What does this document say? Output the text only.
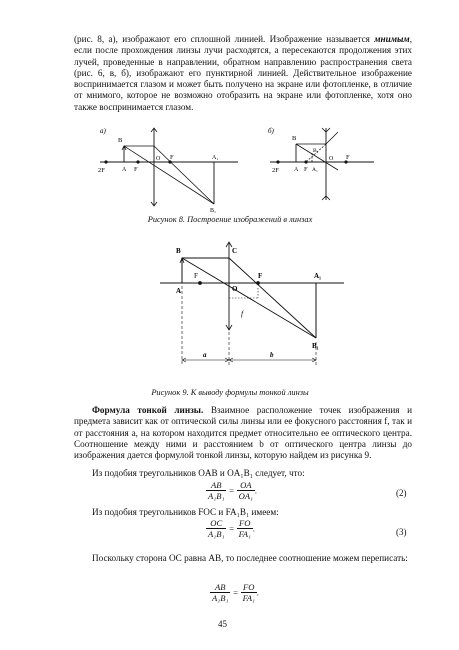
(рис. 8, а), изображают его сплошной линией. Изображение называется мнимым, если после прохождения линзы лучи расходятся, а пересекаются продолжения этих лучей, проведенные в направлении, обратном направлению распространения света (рис. 6, в, б), изображают его пунктирной линией. Действительное изображение воспринимается глазом и может быть получено на экране или фотопленке, в отличие от мнимого, которое не возможно отобразить на экране или фотопленке, хотя оно также воспринимается глазом.

а)
B
2F	A F
O F	A₁
B₁
б)
B
B₁
2F	A F A₁
O F
Рисунок 8. Построение изображений в линзах
B	C
F
O
F
A
A₁
B₁
f
a	b
Рисунок 9. К выводу формулы тонкой линзы

Формула тонкой линзы. Взаимное расположение точек изображения и предмета зависит как от оптической силы линзы или ее фокусного расстояния f, так и от расстояния a, на котором находится предмет относительно ее оптического центра. Соотношение между ними и расстоянием b от оптического центра линзы до изображения дается формулой тонкой линзы, которую найдем из рисунка 9.

Из подобия треугольников OAB и OA₁B₁ следует, что:

$\frac{AB}{\text{A₁B₁}} = \frac{OA}{\text{OA₁}}$ .	(2)

Из подобия треугольников FOC и FA₁B₁ имеем:

$\frac{OC}{\text{A₁B₁}} = \frac{FO}{\text{FA₁}}$ .	(3)

Поскольку сторона OC равна AB, то последнее соотношение можем переписать:

$\frac{AB}{\text{A₁B₁}} = \frac{FO}{\text{FA₁}}$ .
45
